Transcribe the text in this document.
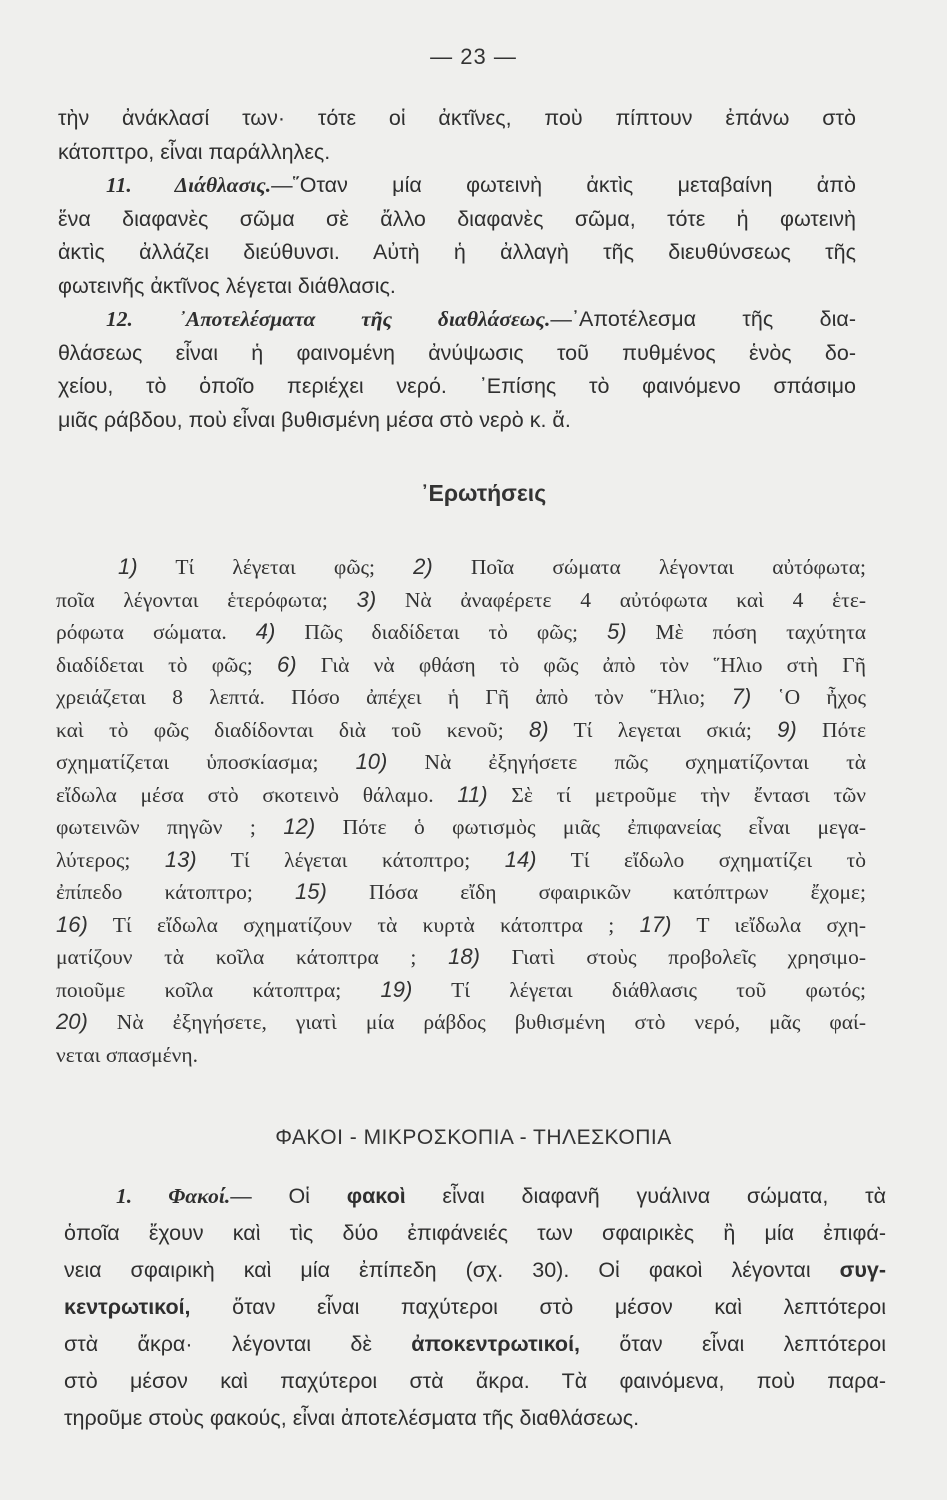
— 23 —
τὴν ἀνάκλασί των· τότε οἱ ἀκτῖνες, ποὺ πίπτουν ἐπάνω στὸ
κάτοπτρο, εἶναι παράλληλες.
11. Διάθλασις.—῞Οταν μία φωτεινὴ ἀκτὶς μεταβαίνη ἀπὸ
ἕνα διαφανὲς σῶμα σὲ ἄλλο διαφανὲς σῶμα, τότε ἡ φωτεινὴ
ἀκτὶς ἀλλάζει διεύθυνσι. Αὐτὴ ἡ ἀλλαγὴ τῆς διευθύνσεως τῆς
φωτεινῆς ἀκτῖνος λέγεται διάθλασις.
12. ᾿Αποτελέσματα τῆς διαθλάσεως.—᾿Αποτέλεσμα τῆς δια-
θλάσεως εἶναι ἡ φαινομένη ἀνύψωσις τοῦ πυθμένος ἑνὸς δο-
χείου, τὸ ὁποῖο περιέχει νερό. ᾿Επίσης τὸ φαινόμενο σπάσιμο
μιᾶς ράβδου, ποὺ εἶναι βυθισμένη μέσα στὸ νερὸ κ. ἄ.
᾿Ερωτήσεις
1) Τί λέγεται φῶς; 2) Ποῖα σώματα λέγονται αὐτόφωτα;
ποῖα λέγονται ἑτερόφωτα; 3) Νὰ ἀναφέρετε 4 αὐτόφωτα καὶ 4 ἑτε-
ρόφωτα σώματα. 4) Πῶς διαδίδεται τὸ φῶς; 5) Μὲ πόση ταχύτητα
διαδίδεται τὸ φῶς; 6) Γιὰ νὰ φθάση τὸ φῶς ἀπὸ τὸν ῞Ηλιο στὴ Γῆ
χρειάζεται 8 λεπτά. Πόσο ἀπέχει ἡ Γῆ ἀπὸ τὸν ῞Ηλιο; 7) ῾Ο ἦχος
καὶ τὸ φῶς διαδίδονται διὰ τοῦ κενοῦ; 8) Τί λεγεται σκιά; 9) Πότε
σχηματίζεται ὑποσκίασμα; 10) Νὰ ἐξηγήσετε πῶς σχηματίζονται τὰ
εἴδωλα μέσα στὸ σκοτεινὸ θάλαμο. 11) Σὲ τί μετροῦμε τὴν ἔντασι τῶν
φωτεινῶν πηγῶν ; 12) Πότε ὁ φωτισμὸς μιᾶς ἐπιφανείας εἶναι μεγα-
λύτερος; 13) Τί λέγεται κάτοπτρο; 14) Τί εἴδωλο σχηματίζει τὸ
ἐπίπεδο κάτοπτρο; 15) Πόσα εἴδη σφαιρικῶν κατόπτρων ἔχομε;
16) Τί εἴδωλα σχηματίζουν τὰ κυρτὰ κάτοπτρα ; 17) Τ ιεἴδωλα σχη-
ματίζουν τὰ κοῖλα κάτοπτρα ; 18) Γιατὶ στοὺς προβολεῖς χρησιμο-
ποιοῦμε κοῖλα κάτοπτρα; 19) Τί λέγεται διάθλασις τοῦ φωτός;
20) Νὰ ἐξηγήσετε, γιατὶ μία ράβδος βυθισμένη στὸ νερό, μᾶς φαί-
νεται σπασμένη.
ΦΑΚΟΙ - ΜΙΚΡΟΣΚΟΠΙΑ - ΤΗΛΕΣΚΟΠΙΑ
1. Φακοί.— Οἱ φακοὶ εἶναι διαφανῆ γυάλινα σώματα, τὰ
ὁποῖα ἔχουν καὶ τὶς δύο ἐπιφάνειές των σφαιρικὲς ἢ μία ἐπιφά-
νεια σφαιρικὴ καὶ μία ἐπίπεδη (σχ. 30). Οἱ φακοὶ λέγονται συγ-
κεντρωτικοί, ὅταν εἶναι παχύτεροι στὸ μέσον καὶ λεπτότεροι
στὰ ἄκρα· λέγονται δὲ ἀποκεντρωτικοί, ὅταν εἶναι λεπτότεροι
στὸ μέσον καὶ παχύτεροι στὰ ἄκρα. Τὰ φαινόμενα, ποὺ παρα-
τηροῦμε στοὺς φακούς, εἶναι ἀποτελέσματα τῆς διαθλάσεως.
